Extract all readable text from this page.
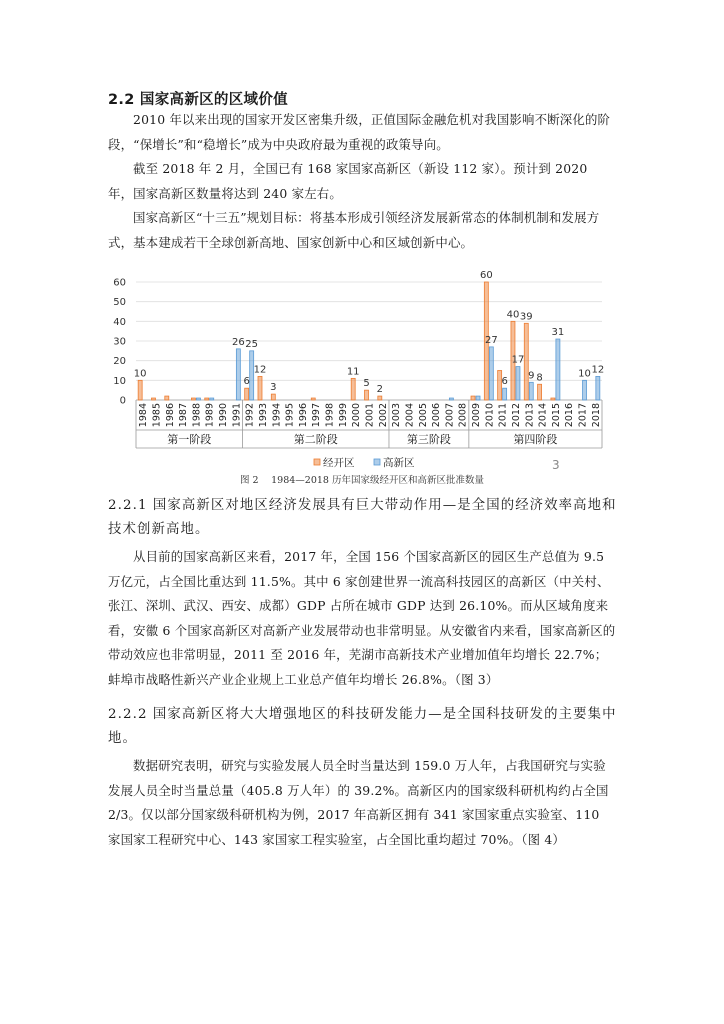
2.2 国家高新区的区域价值

2010 年以来出现的国家开发区密集升级，正值国际金融危机对我国影响不断深化的阶段，“保增长”和“稳增长”成为中央政府最为重视的政策导向。

截至 2018 年 2 月，全国已有 168 家国家高新区（新设 112 家）。预计到 2020 年，国家高新区数量将达到 240 家左右。

国家高新区“十三五”规划目标：将基本形成引领经济发展新常态的体制机制和发展方式，基本建成若干全球创新高地、国家创新中心和区域创新中心。

10
26 25
6
12
3
11
5
2
60
27
6
40
17
39
9 8
31
10 12
0
10
20
30
40
50
60
1984 1985 1986 1987 1988 1989 1990 1991 1992 1993 1994 1995 1996 1997 1998 1999 2000 2001 2002 2003 2004 2005 2006 2007 2008 2009 2010 2011 2012 2013 2014 2015 2016 2017 2018
第一阶段	第二阶段	第三阶段	第四阶段
经开区	高新区
图 2　 1984—2018 历年国家级经开区和高新区批准数量
3
2.2.1 国家高新区对地区经济发展具有巨大带动作用—是全国的经济效率高地和技术创新高地。

从目前的国家高新区来看，2017 年，全国 156 个国家高新区的园区生产总值为 9.5 万亿元，占全国比重达到 11.5%。其中 6 家创建世界一流高科技园区的高新区（中关村、张江、深圳、武汉、西安、成都）GDP 占所在城市 GDP 达到 26.10%。而从区域角度来看，安徽 6 个国家高新区对高新产业发展带动也非常明显。从安徽省内来看，国家高新区的带动效应也非常明显，2011 至 2016 年，芜湖市高新技术产业增加值年均增长 22.7%；蚌埠市战略性新兴产业企业规上工业总产值年均增长 26.8%。（图 3）

2.2.2 国家高新区将大大增强地区的科技研发能力—是全国科技研发的主要集中地。

数据研究表明，研究与实验发展人员全时当量达到 159.0 万人年，占我国研究与实验发展人员全时当量总量（405.8 万人年）的 39.2%。高新区内的国家级科研机构约占全国 2/3。仅以部分国家级科研机构为例，2017 年高新区拥有 341 家国家重点实验室、110 家国家工程研究中心、143 家国家工程实验室，占全国比重均超过 70%。（图 4）
